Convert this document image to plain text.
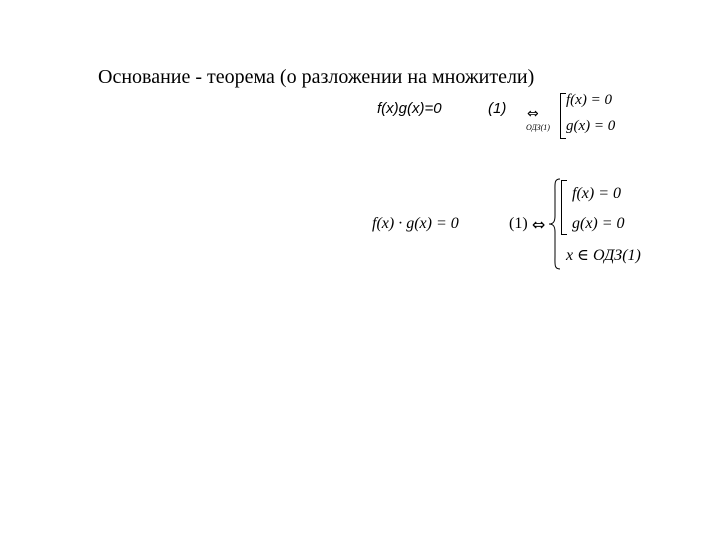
Основание - теорема (о разложении на множители)
f(x)g(x)=0	(1) ⇔
ОДЗ(1)
f(x) = 0
g(x) = 0
f(x) · g(x) = 0	(1) ⇔
f(x) = 0
g(x) = 0
x ∈ ОДЗ(1)
